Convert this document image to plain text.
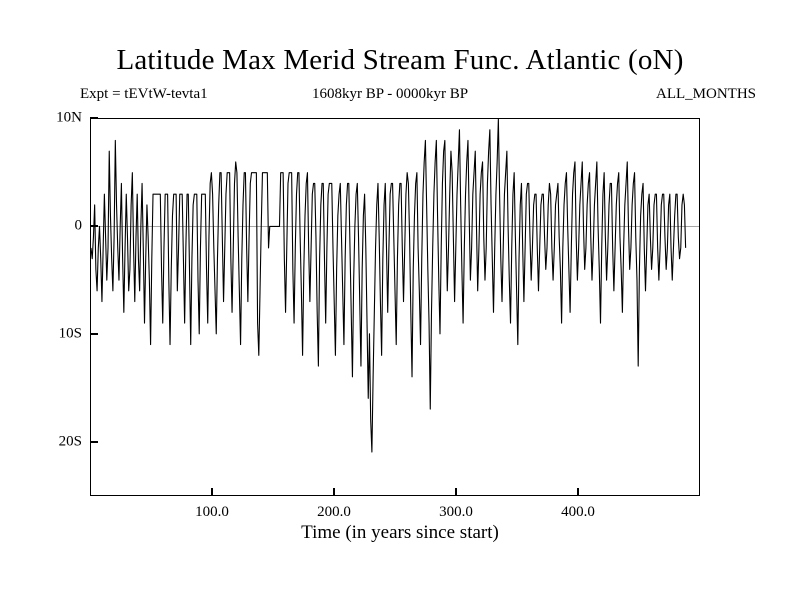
Latitude Max Merid Stream Func. Atlantic (oN)
Expt = tEVtW-tevta1	1608kyr BP - 0000kyr BP	ALL_MONTHS
10N
0
10S
20S
100.0	200.0	300.0	400.0
Time (in years since start)
